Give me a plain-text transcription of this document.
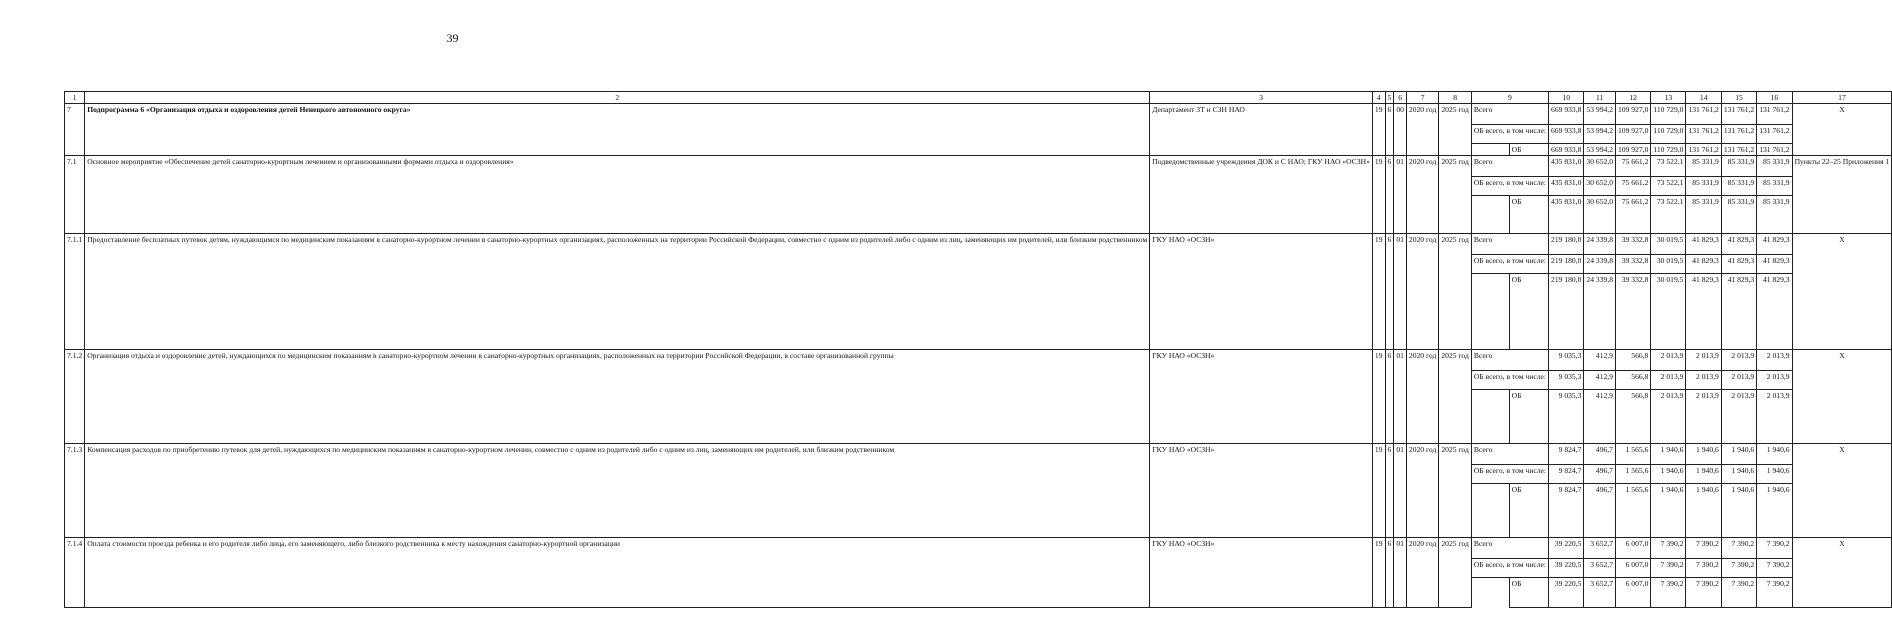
39
1	2	3	4	5	6	7	8	9		10	11	12	13	14	15	16	17
7	Подпрограмма 6 «Организация отдыха и оздоровления детей Ненецкого автономного округа»	Департамент ЗТ и СЗН НАО	19	6	00	2020 год	2025 год	Всего		669 933,8	53 994,2	109 927,0	110 729,0	131 761,2	131 761,2	131 761,2	X
								ОБ всего, в том числе:		669 933,8	53 994,2	109 927,0	110 729,0	131 761,2	131 761,2	131 761,2	
									ОБ	669 933,8	53 994,2	109 927,0	110 729,0	131 761,2	131 761,2	131 761,2	
7.1	Основное мероприятие «Обеспечение детей санаторно-курортным лечением и организованными формами отдыха и оздоровления»	Подведомственные учреждения ДОК и С НАО; ГКУ НАО «ОСЗН»	19	6	01	2020 год	2025 год	Всего		435 831,0	30 652,0	75 661,2	73 522,1	85 331,9	85 331,9	85 331,9	Пункты 22–25 Приложения 1
								ОБ всего, в том числе:		435 831,0	30 652,0	75 661,2	73 522,1	85 331,9	85 331,9	85 331,9	
									ОБ	435 831,0	30 652,0	75 661,2	73 522,1	85 331,9	85 331,9	85 331,9	
7.1.1	Предоставление бесплатных путевок детям, нуждающимся по медицинским показаниям в санаторно-курортном лечении в санаторно-курортных организациях, расположенных на территории Российской Федерации, совместно с одним из родителей либо с одним из лиц, заменяющих им родителей, или близким родственником	ГКУ НАО «ОСЗН»	19	6	01	2020 год	2025 год	Всего		219 180,0	24 339,8	39 332,8	30 019,5	41 829,3	41 829,3	41 829,3	X
								ОБ всего, в том числе:		219 180,0	24 339,8	39 332,8	30 019,5	41 829,3	41 829,3	41 829,3	
									ОБ	219 180,0	24 339,8	39 332,8	30 019,5	41 829,3	41 829,3	41 829,3	
7.1.2	Организация отдыха и оздоровление детей, нуждающихся по медицинским показаниям в санаторно-курортном лечении в санаторно-курортных организациях, расположенных на территории Российской Федерации, в составе организованной группы	ГКУ НАО «ОСЗН»	19	6	01	2020 год	2025 год	Всего		9 035,3	412,9	566,8	2 013,9	2 013,9	2 013,9	2 013,9	X
								ОБ всего, в том числе:		9 035,3	412,9	566,8	2 013,9	2 013,9	2 013,9	2 013,9	
									ОБ	9 035,3	412,9	566,8	2 013,9	2 013,9	2 013,9	2 013,9	
7.1.3	Компенсация расходов по приобретению путевок для детей, нуждающихся по медицинским показаниям в санаторно-курортном лечении, совместно с одним из родителей либо с одним из лиц, заменяющих им родителей, или близким родственником	ГКУ НАО «ОСЗН»	19	6	01	2020 год	2025 год	Всего		9 824,7	496,7	1 565,6	1 940,6	1 940,6	1 940,6	1 940,6	X
								ОБ всего, в том числе:		9 824,7	496,7	1 565,6	1 940,6	1 940,6	1 940,6	1 940,6	
									ОБ	9 824,7	496,7	1 565,6	1 940,6	1 940,6	1 940,6	1 940,6	
7.1.4	Оплата стоимости проезда ребенка и его родителя либо лица, его заменяющего, либо близкого родственника к месту нахождения санаторно-курортной организации	ГКУ НАО «ОСЗН»	19	6	01	2020 год	2025 год	Всего		39 220,5	3 652,7	6 007,0	7 390,2	7 390,2	7 390,2	7 390,2	X
								ОБ всего, в том числе:		39 220,5	3 652,7	6 007,0	7 390,2	7 390,2	7 390,2	7 390,2	
									ОБ	39 220,5	3 652,7	6 007,0	7 390,2	7 390,2	7 390,2	7 390,2	
